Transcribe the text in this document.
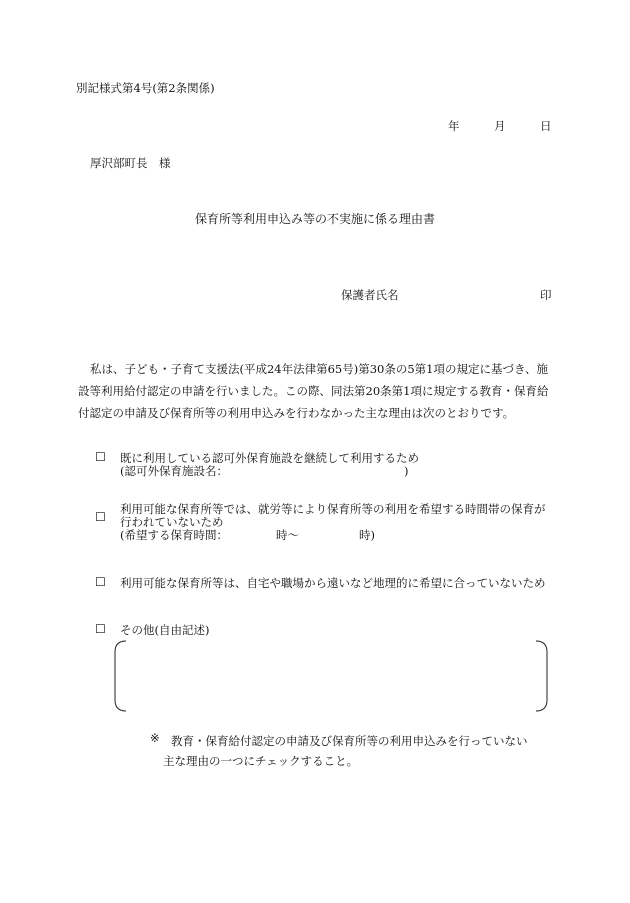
別記様式第4号(第2条関係)
年	月	日
厚沢部町長　様
保育所等利用申込み等の不実施に係る理由書
保護者氏名	印
私は、子ども・子育て支援法(平成24年法律第65号)第30条の5第1項の規定に基づき、施設等利用給付認定の申請を行いました。この際、同法第20条第1項に規定する教育・保育給付認定の申請及び保育所等の利用申込みを行わなかった主な理由は次のとおりです。
☐ 既に利用している認可外保育施設を継続して利用するため
(認可外保育施設名：	)
☐
利用可能な保育所等では、就労等により保育所等の利用を希望する時間帯の保育が行われていないため
(希望する保育時間：	時〜	時)
☐ 利用可能な保育所等は、自宅や職場から遠いなど地理的に希望に合っていないため
☐ その他(自由記述)
※ 教育・保育給付認定の申請及び保育所等の利用申込みを行っていない
主な理由の一つにチェックすること。
